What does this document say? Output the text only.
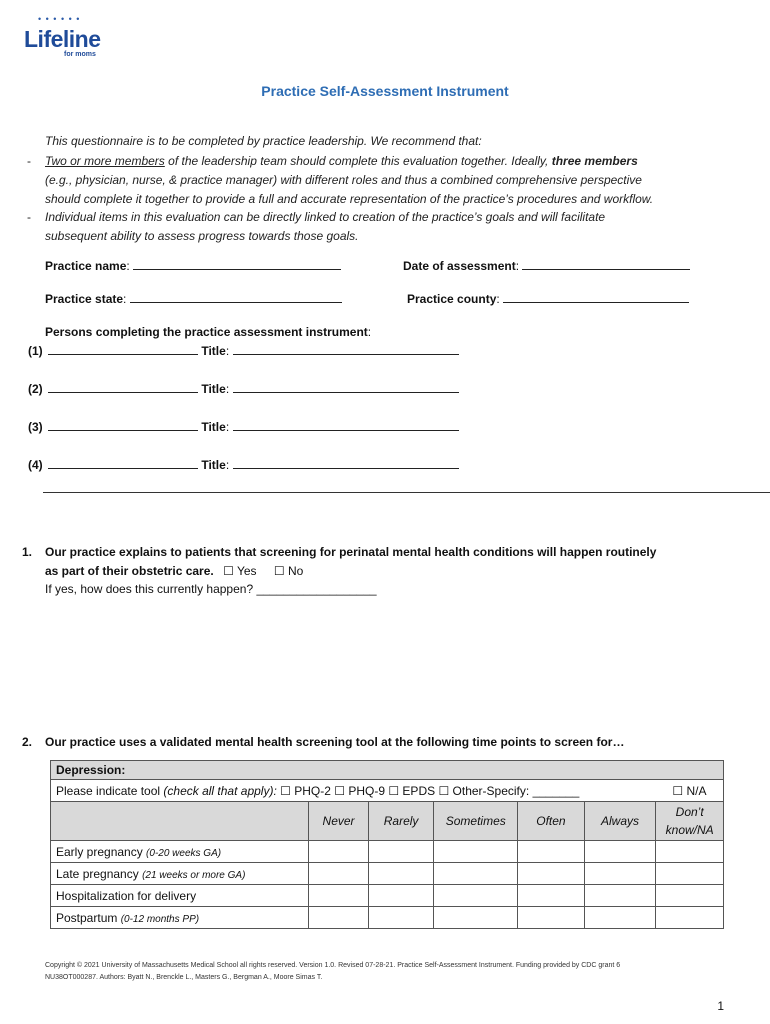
• • • • • •
Lifeline
for moms
Practice Self-Assessment Instrument
This questionnaire is to be completed by practice leadership. We recommend that:
- Two or more members of the leadership team should complete this evaluation together. Ideally, three members
(e.g., physician, nurse, & practice manager) with different roles and thus a combined comprehensive perspective
should complete it together to provide a full and accurate representation of the practice’s procedures and workflow.
- Individual items in this evaluation can be directly linked to creation of the practice’s goals and will facilitate
subsequent ability to assess progress towards those goals.
Practice name:	Date of assessment:
Practice state:	Practice county:
Persons completing the practice assessment instrument:
(1)	Title:
(2)	Title:
(3)	Title:
(4)	Title:
1. Our practice explains to patients that screening for perinatal mental health conditions will happen routinely
as part of their obstetric care. ☐ Yes ☐ No
If yes, how does this currently happen? __________________
2. Our practice uses a validated mental health screening tool at the following time points to screen for…
Depression:						
Please indicate tool (check all that apply): ☐ PHQ-2 ☐ PHQ-9 ☐ EPDS ☐ Other-Specify: _______						☐ N/A
	Never	Rarely	Sometimes	Often	Always	Don’t know/NA
Early pregnancy (0-20 weeks GA)						
Late pregnancy (21 weeks or more GA)						
Hospitalization for delivery						
Postpartum (0-12 months PP)						
Copyright © 2021 University of Massachusetts Medical School all rights reserved. Version 1.0. Revised 07-28-21. Practice Self-Assessment Instrument. Funding provided by CDC grant 6
NU38OT000287. Authors: Byatt N., Brenckle L., Masters G., Bergman A., Moore Simas T.
1
